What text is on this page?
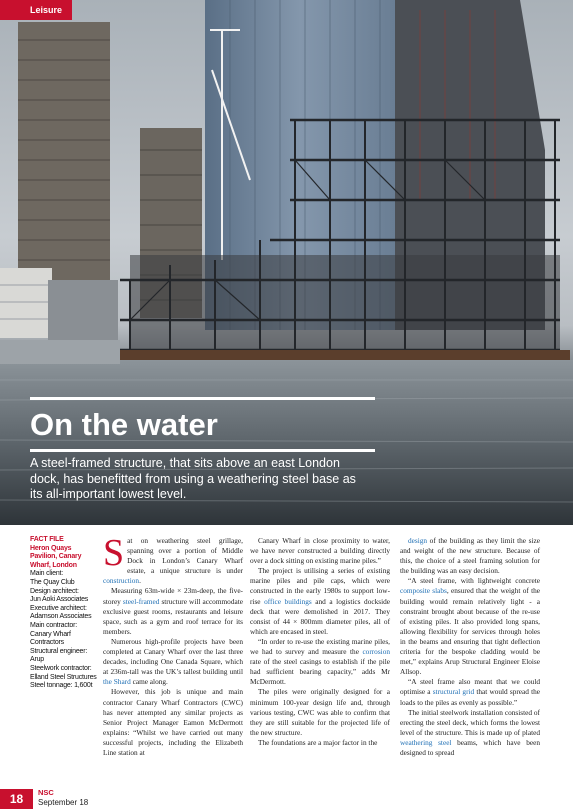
Leisure
On the water

A steel-framed structure, that sits above an east London dock, has benefitted from using a weathering steel base as its all-important lowest level.

FACT FILE
Heron Quays Pavilion, Canary Wharf, London
Main client:
The Quay Club
Design architect:
Jun Aoki Associates
Executive architect:
Adamson Associates
Main contractor:
Canary Wharf Contractors
Structural engineer:
Arup
Steelwork contractor:
Elland Steel Structures
Steel tonnage: 1,600t
S at on weathering steel grillage, spanning over a portion of Middle Dock in London’s Canary Wharf estate, a unique structure is under construction.

Measuring 63m-wide × 23m-deep, the five-storey steel-framed structure will accommodate exclusive guest rooms, restaurants and leisure space, such as a gym and roof terrace for its members.

Numerous high-profile projects have been completed at Canary Wharf over the last three decades, including One Canada Square, which at 236m-tall was the UK’s tallest building until the Shard came along.

However, this job is unique and main contractor Canary Wharf Contractors (CWC) has never attempted any similar projects as Senior Project Manager Eamon McDermott explains: “Whilst we have carried out many successful projects, including the Elizabeth Line station at

Canary Wharf in close proximity to water, we have never constructed a building directly over a dock sitting on existing marine piles.”

The project is utilising a series of existing marine piles and pile caps, which were constructed in the early 1980s to support low-rise office buildings and a logistics dockside deck that were demolished in 2017. They consist of 44 × 800mm diameter piles, all of which are encased in steel.

“In order to re-use the existing marine piles, we had to survey and measure the corrosion rate of the steel casings to establish if the pile had sufficient bearing capacity,” adds Mr McDermott.

The piles were originally designed for a minimum 100-year design life and, through various testing, CWC was able to confirm that they are still suitable for the projected life of the new structure.

The foundations are a major factor in the

design of the building as they limit the size and weight of the new structure. Because of this, the choice of a steel framing solution for the building was an easy decision.

“A steel frame, with lightweight concrete composite slabs, ensured that the weight of the building would remain relatively light - a constraint brought about because of the re-use of existing piles. It also provided long spans, allowing flexibility for services through holes in the beams and ensuring that tight deflection criteria for the bespoke cladding would be met,” explains Arup Structural Engineer Eloise Allsop.

“A steel frame also meant that we could optimise a structural grid that would spread the loads to the piles as evenly as possible.”

The initial steelwork installation consisted of erecting the steel deck, which forms the lowest level of the structure. This is made up of plated weathering steel beams, which have been designed to spread

18	NSC
September 18
